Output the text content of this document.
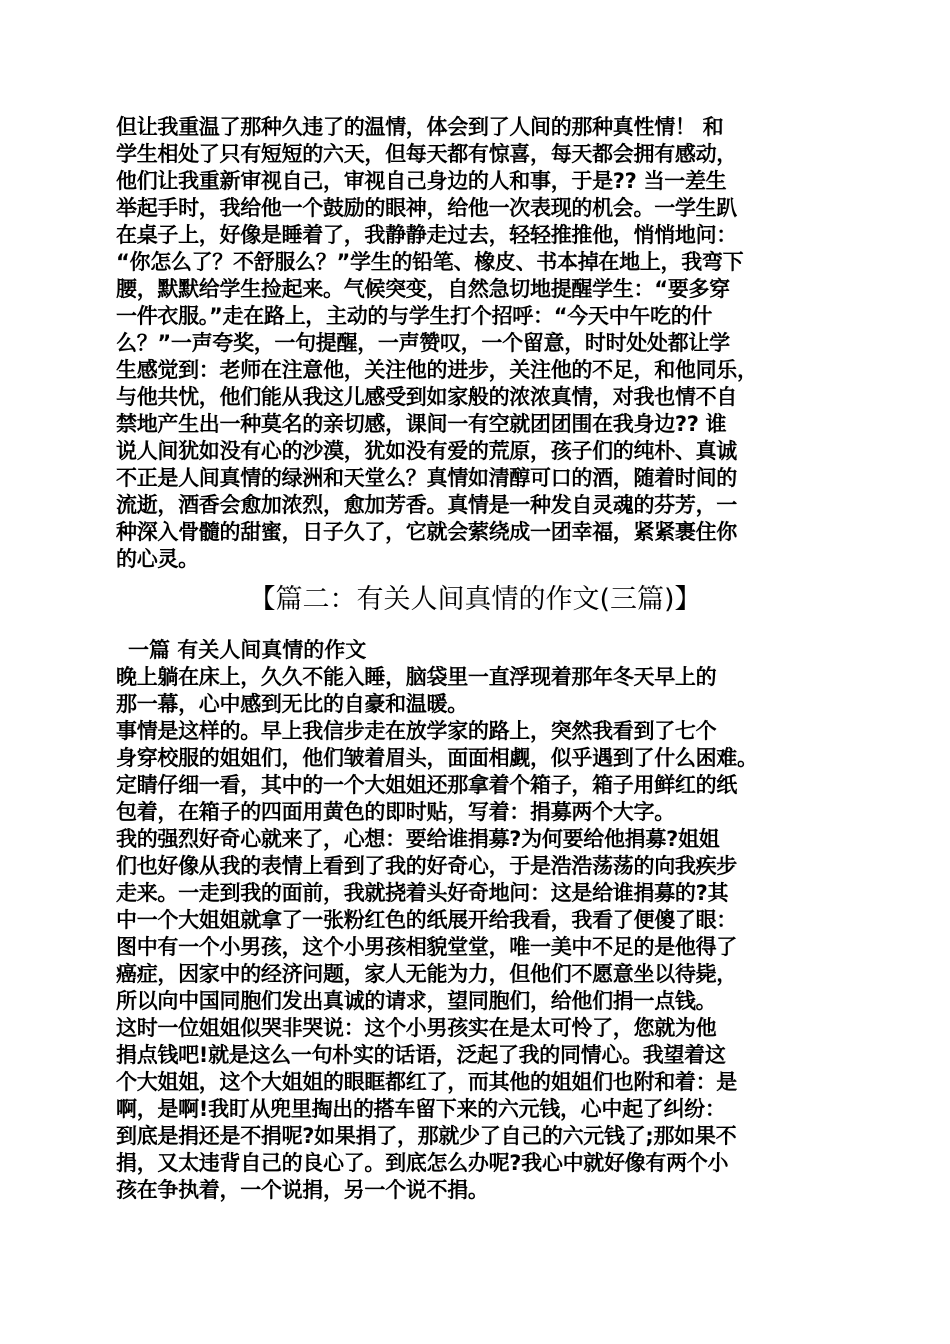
但让我重温了那种久违了的温情，体会到了人间的那种真性情！ 和
学生相处了只有短短的六天，但每天都有惊喜，每天都会拥有感动，
他们让我重新审视自己，审视自己身边的人和事，于是?? 当一差生
举起手时，我给他一个鼓励的眼神，给他一次表现的机会。一学生趴
在桌子上，好像是睡着了，我静静走过去，轻轻推推他，悄悄地问：
“你怎么了？不舒服么？”学生的铅笔、橡皮、书本掉在地上，我弯下
腰，默默给学生捡起来。气候突变，自然急切地提醒学生：“要多穿
一件衣服。”走在路上，主动的与学生打个招呼：“今天中午吃的什
么？”一声夸奖，一句提醒，一声赞叹，一个留意，时时处处都让学
生感觉到：老师在注意他，关注他的进步，关注他的不足，和他同乐，
与他共忧，他们能从我这儿感受到如家般的浓浓真情，对我也情不自
禁地产生出一种莫名的亲切感，课间一有空就团团围在我身边?? 谁
说人间犹如没有心的沙漠，犹如没有爱的荒原，孩子们的纯朴、真诚
不正是人间真情的绿洲和天堂么？真情如清醇可口的酒，随着时间的
流逝，酒香会愈加浓烈，愈加芳香。真情是一种发自灵魂的芬芳，一
种深入骨髓的甜蜜，日子久了，它就会萦绕成一团幸福，紧紧裹住你
的心灵。
【篇二：有关人间真情的作文(三篇)】
一篇 有关人间真情的作文
晚上躺在床上，久久不能入睡，脑袋里一直浮现着那年冬天早上的
那一幕，心中感到无比的自豪和温暖。
事情是这样的。早上我信步走在放学家的路上，突然我看到了七个
身穿校服的姐姐们，他们皱着眉头，面面相觑，似乎遇到了什么困难。
定睛仔细一看，其中的一个大姐姐还那拿着个箱子，箱子用鲜红的纸
包着，在箱子的四面用黄色的即时贴，写着：捐募两个大字。
我的强烈好奇心就来了，心想：要给谁捐募?为何要给他捐募?姐姐
们也好像从我的表情上看到了我的好奇心，于是浩浩荡荡的向我疾步
走来。一走到我的面前，我就挠着头好奇地问：这是给谁捐募的?其
中一个大姐姐就拿了一张粉红色的纸展开给我看，我看了便傻了眼：
图中有一个小男孩，这个小男孩相貌堂堂，唯一美中不足的是他得了
癌症，因家中的经济问题，家人无能为力，但他们不愿意坐以待毙，
所以向中国同胞们发出真诚的请求，望同胞们，给他们捐一点钱。
这时一位姐姐似哭非哭说：这个小男孩实在是太可怜了，您就为他
捐点钱吧!就是这么一句朴实的话语，泛起了我的同情心。我望着这
个大姐姐，这个大姐姐的眼眶都红了，而其他的姐姐们也附和着：是
啊，是啊!我盯从兜里掏出的搭车留下来的六元钱，心中起了纠纷：
到底是捐还是不捐呢?如果捐了，那就少了自己的六元钱了;那如果不
捐，又太违背自己的良心了。到底怎么办呢?我心中就好像有两个小
孩在争执着，一个说捐，另一个说不捐。
